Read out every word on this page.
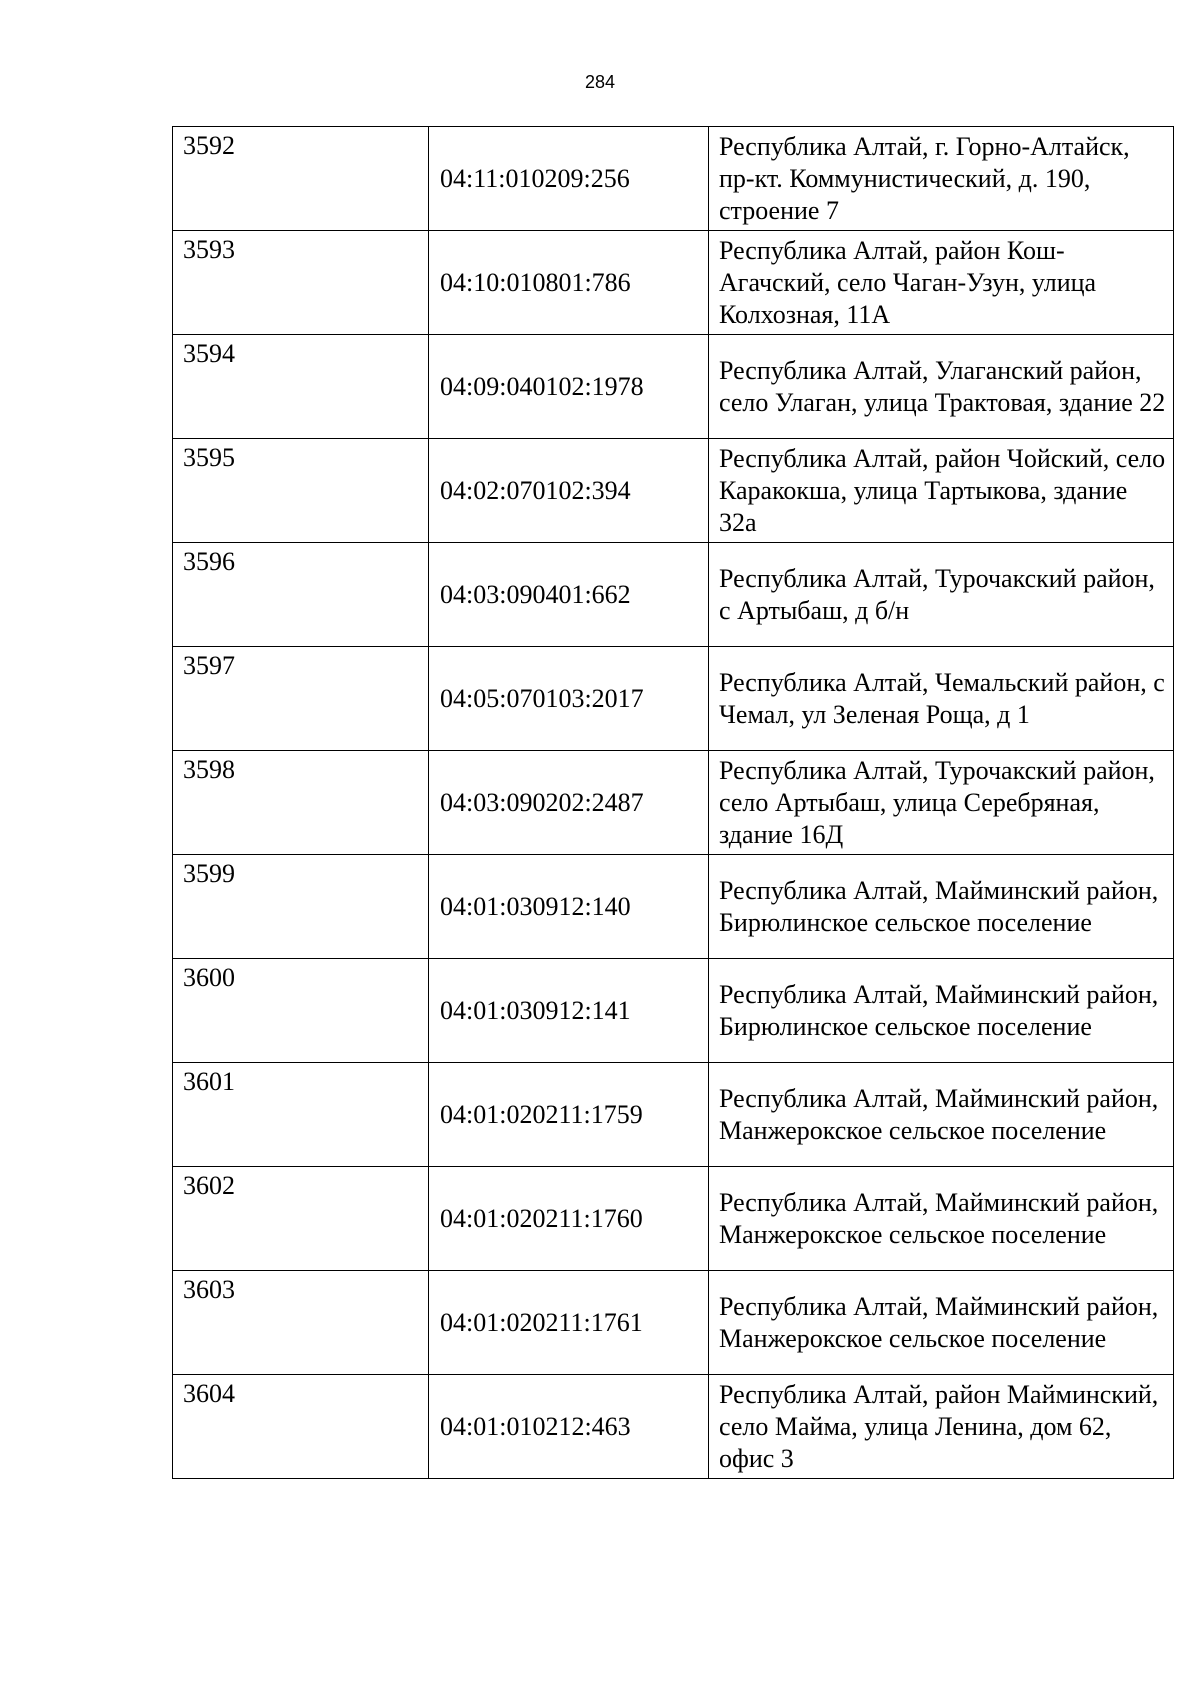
284
3592	04:11:010209:256	Республика Алтай, г. Горно-Алтайск, пр-кт. Коммунистический, д. 190, строение 7
3593	04:10:010801:786	Республика Алтай, район Кош-Агачский, село Чаган-Узун, улица Колхозная, 11А
3594	04:09:040102:1978	Республика Алтай, Улаганский район, село Улаган, улица Трактовая, здание 22
3595	04:02:070102:394	Республика Алтай, район Чойский, село Каракокша, улица Тартыкова, здание 32а
3596	04:03:090401:662	Республика Алтай, Турочакский район, с Артыбаш, д б/н
3597	04:05:070103:2017	Республика Алтай, Чемальский район, с Чемал, ул Зеленая Роща, д 1
3598	04:03:090202:2487	Республика Алтай, Турочакский район, село Артыбаш, улица Серебряная, здание 16Д
3599	04:01:030912:140	Республика Алтай, Майминский район, Бирюлинское сельское поселение
3600	04:01:030912:141	Республика Алтай, Майминский район, Бирюлинское сельское поселение
3601	04:01:020211:1759	Республика Алтай, Майминский район, Манжерокское сельское поселение
3602	04:01:020211:1760	Республика Алтай, Майминский район, Манжерокское сельское поселение
3603	04:01:020211:1761	Республика Алтай, Майминский район, Манжерокское сельское поселение
3604	04:01:010212:463	Республика Алтай, район Майминский, село Майма, улица Ленина, дом 62, офис 3
